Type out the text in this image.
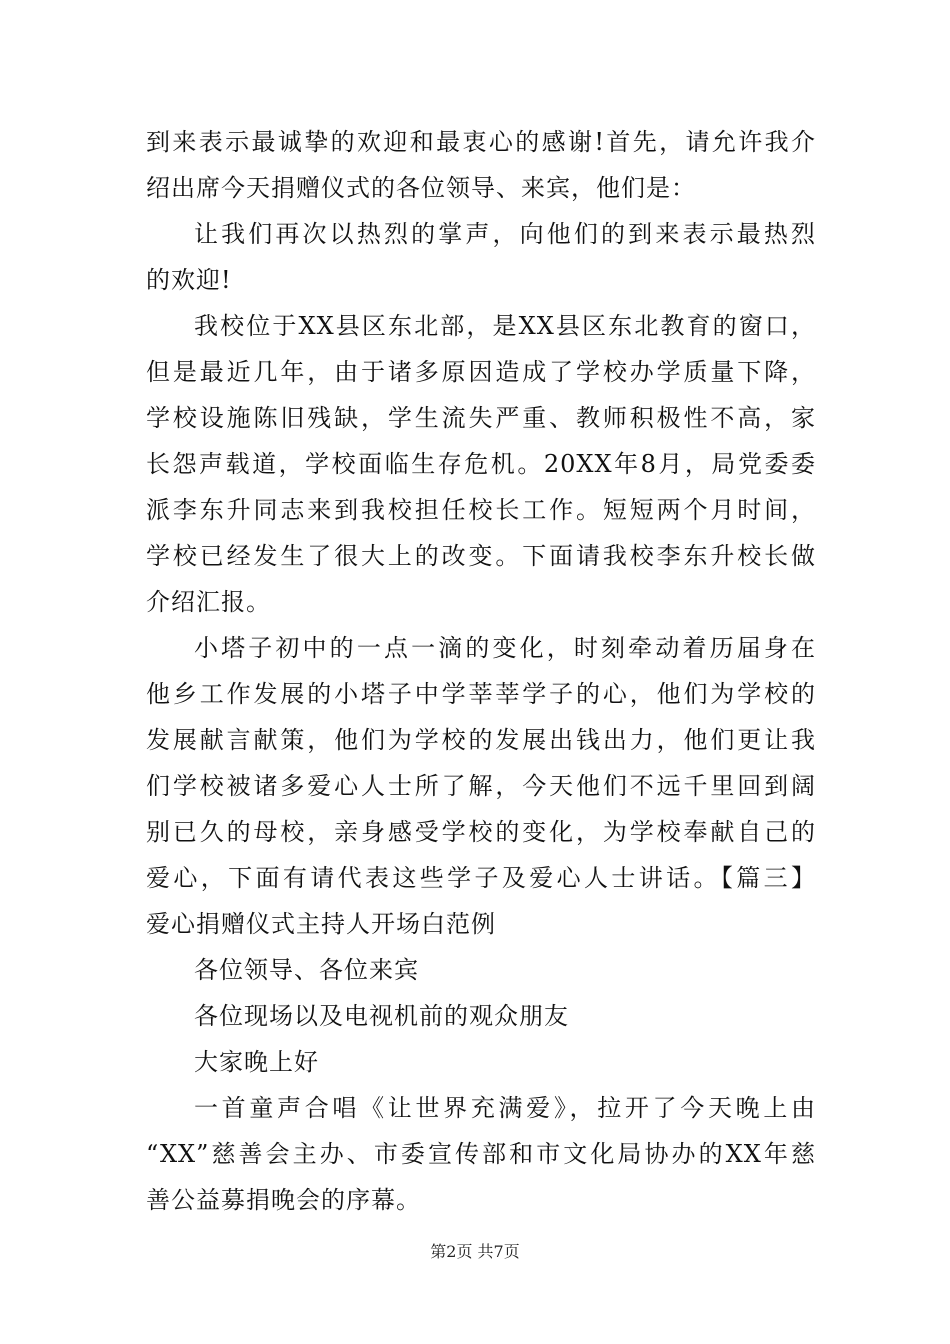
到来表示最诚挚的欢迎和最衷心的感谢!首先，请允许我介
绍出席今天捐赠仪式的各位领导、来宾，他们是：
让我们再次以热烈的掌声，向他们的到来表示最热烈
的欢迎!
我校位于XX县区东北部，是XX县区东北教育的窗口，
但是最近几年，由于诸多原因造成了学校办学质量下降，
学校设施陈旧残缺，学生流失严重、教师积极性不高，家
长怨声载道，学校面临生存危机。20XX年8月，局党委委
派李东升同志来到我校担任校长工作。短短两个月时间，
学校已经发生了很大上的改变。下面请我校李东升校长做
介绍汇报。
小塔子初中的一点一滴的变化，时刻牵动着历届身在
他乡工作发展的小塔子中学莘莘学子的心，他们为学校的
发展献言献策，他们为学校的发展出钱出力，他们更让我
们学校被诸多爱心人士所了解，今天他们不远千里回到阔
别已久的母校，亲身感受学校的变化，为学校奉献自己的
爱心，下面有请代表这些学子及爱心人士讲话。【篇三】
爱心捐赠仪式主持人开场白范例
各位领导、各位来宾
各位现场以及电视机前的观众朋友
大家晚上好
一首童声合唱《让世界充满爱》，拉开了今天晚上由
“XX”慈善会主办、市委宣传部和市文化局协办的XX年慈
善公益募捐晚会的序幕。
第2页 共7页
